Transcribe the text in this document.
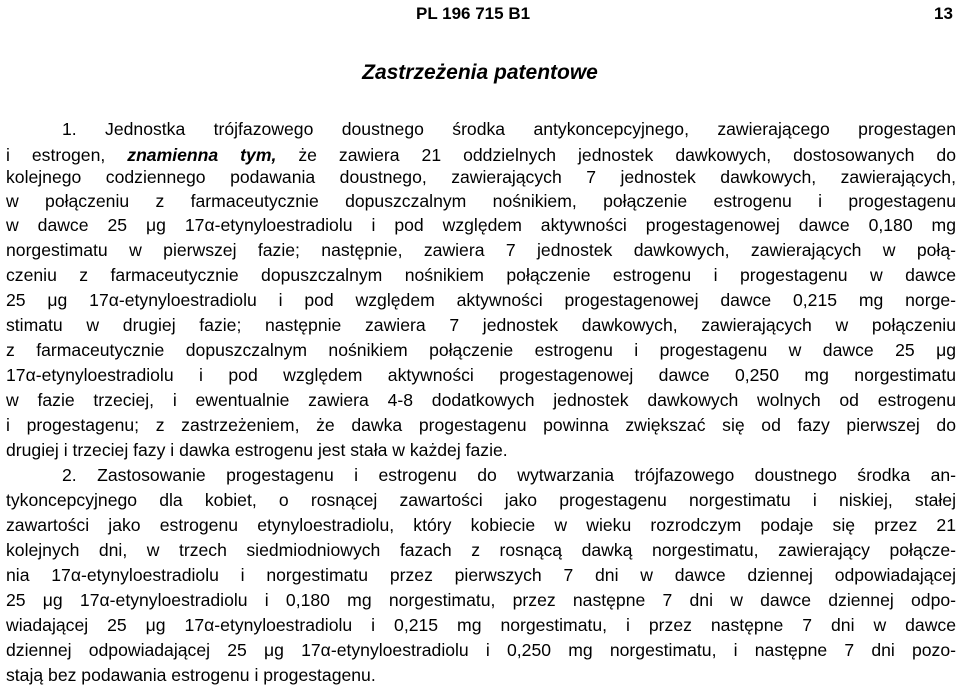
PL 196 715 B1	13
Zastrzeżenia patentowe
1. Jednostka trójfazowego doustnego środka antykoncepcyjnego, zawierającego progestagen
i estrogen, znamienna tym, że zawiera 21 oddzielnych jednostek dawkowych, dostosowanych do
kolejnego codziennego podawania doustnego, zawierających 7 jednostek dawkowych, zawierających,
w połączeniu z farmaceutycznie dopuszczalnym nośnikiem, połączenie estrogenu i progestagenu
w dawce 25 μg 17α-etynyloestradiolu i pod względem aktywności progestagenowej dawce 0,180 mg
norgestimatu w pierwszej fazie; następnie, zawiera 7 jednostek dawkowych, zawierających w połą-
czeniu z farmaceutycznie dopuszczalnym nośnikiem połączenie estrogenu i progestagenu w dawce
25 μg 17α-etynyloestradiolu i pod względem aktywności progestagenowej dawce 0,215 mg norge-
stimatu w drugiej fazie; następnie zawiera 7 jednostek dawkowych, zawierających w połączeniu
z farmaceutycznie dopuszczalnym nośnikiem połączenie estrogenu i progestagenu w dawce 25 μg
17α-etynyloestradiolu i pod względem aktywności progestagenowej dawce 0,250 mg norgestimatu
w fazie trzeciej, i ewentualnie zawiera 4-8 dodatkowych jednostek dawkowych wolnych od estrogenu
i progestagenu; z zastrzeżeniem, że dawka progestagenu powinna zwiększać się od fazy pierwszej do
drugiej i trzeciej fazy i dawka estrogenu jest stała w każdej fazie.
2. Zastosowanie progestagenu i estrogenu do wytwarzania trójfazowego doustnego środka an-
tykoncepcyjnego dla kobiet, o rosnącej zawartości jako progestagenu norgestimatu i niskiej, stałej
zawartości jako estrogenu etynyloestradiolu, który kobiecie w wieku rozrodczym podaje się przez 21
kolejnych dni, w trzech siedmiodniowych fazach z rosnącą dawką norgestimatu, zawierający połącze-
nia 17α-etynyloestradiolu i norgestimatu przez pierwszych 7 dni w dawce dziennej odpowiadającej
25 μg 17α-etynyloestradiolu i 0,180 mg norgestimatu, przez następne 7 dni w dawce dziennej odpo-
wiadającej 25 μg 17α-etynyloestradiolu i 0,215 mg norgestimatu, i przez następne 7 dni w dawce
dziennej odpowiadającej 25 μg 17α-etynyloestradiolu i 0,250 mg norgestimatu, i następne 7 dni pozo-
stają bez podawania estrogenu i progestagenu.
